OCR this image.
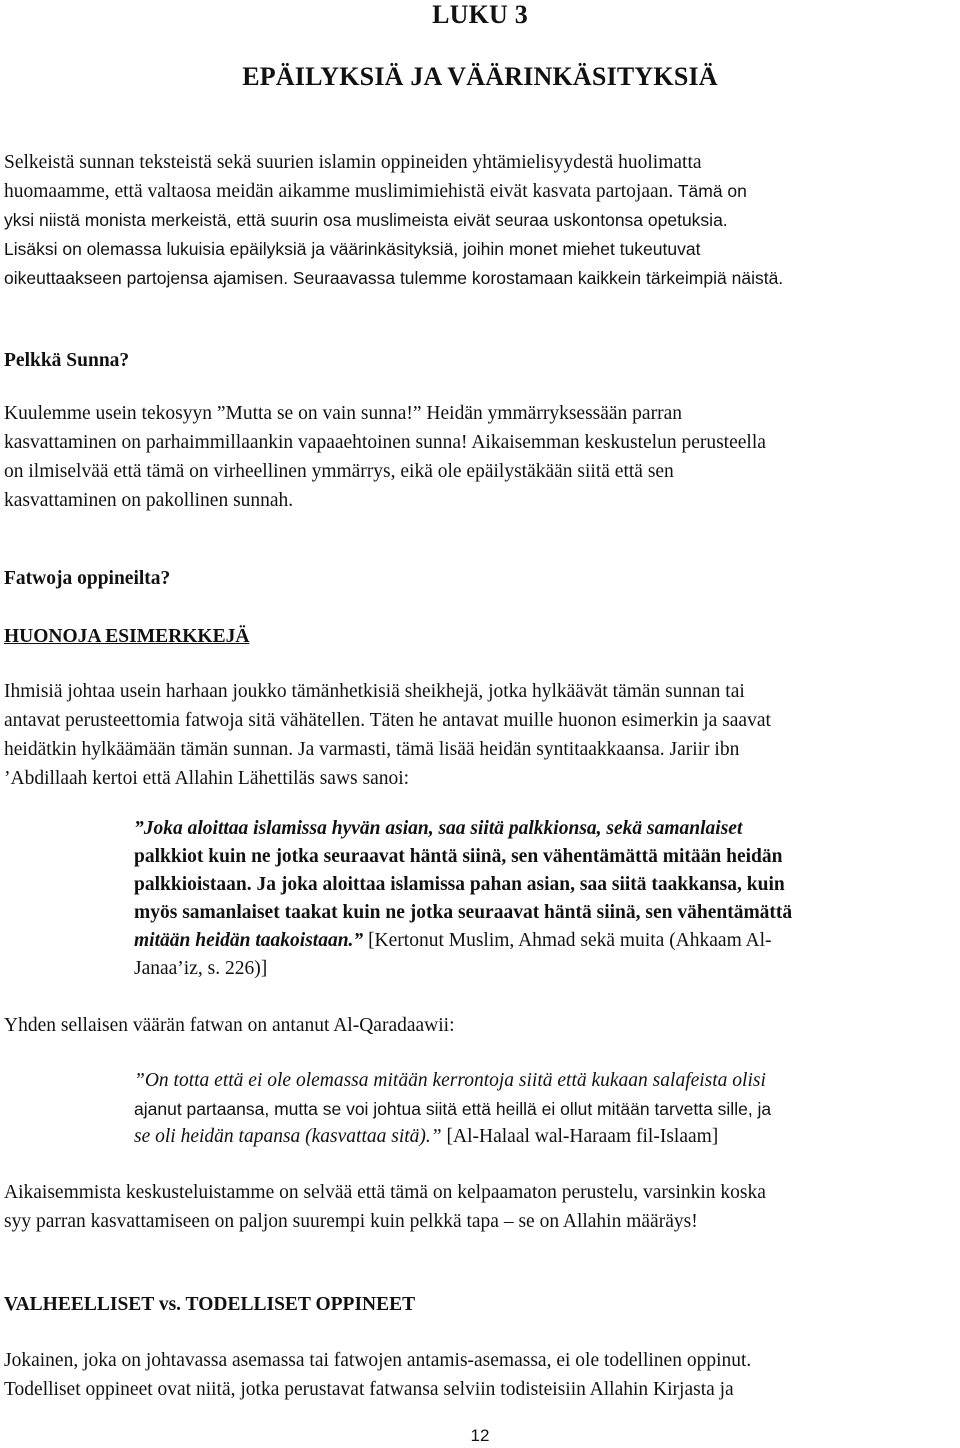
LUKU 3
EPÄILYKSIÄ JA VÄÄRINKÄSITYKSIÄ
Selkeistä sunnan teksteistä sekä suurien islamin oppineiden yhtämielisyydestä huolimatta
huomaamme, että valtaosa meidän aikamme muslimimiehistä eivät kasvata partojaan. Tämä on
yksi niistä monista merkeistä, että suurin osa muslimeista eivät seuraa uskontonsa opetuksia.
Lisäksi on olemassa lukuisia epäilyksiä ja väärinkäsityksiä, joihin monet miehet tukeutuvat
oikeuttaakseen partojensa ajamisen. Seuraavassa tulemme korostamaan kaikkein tärkeimpiä näistä.
Pelkkä Sunna?
Kuulemme usein tekosyyn ”Mutta se on vain sunna!” Heidän ymmärryksessään parran
kasvattaminen on parhaimmillaankin vapaaehtoinen sunna! Aikaisemman keskustelun perusteella
on ilmiselvää että tämä on virheellinen ymmärrys, eikä ole epäilystäkään siitä että sen
kasvattaminen on pakollinen sunnah.
Fatwoja oppineilta?
HUONOJA ESIMERKKEJÄ
Ihmisiä johtaa usein harhaan joukko tämänhetkisiä sheikhejä, jotka hylkäävät tämän sunnan tai
antavat perusteettomia fatwoja sitä vähätellen. Täten he antavat muille huonon esimerkin ja saavat
heidätkin hylkäämään tämän sunnan. Ja varmasti, tämä lisää heidän syntitaakkaansa. Jariir ibn
’Abdillaah kertoi että Allahin Lähettiläs saws sanoi:
”Joka aloittaa islamissa hyvän asian, saa siitä palkkionsa, sekä samanlaiset
palkkiot kuin ne jotka seuraavat häntä siinä, sen vähentämättä mitään heidän
palkkioistaan. Ja joka aloittaa islamissa pahan asian, saa siitä taakkansa, kuin
myös samanlaiset taakat kuin ne jotka seuraavat häntä siinä, sen vähentämättä
mitään heidän taakoistaan.” [Kertonut Muslim, Ahmad sekä muita (Ahkaam Al-
Janaa’iz, s. 226)]
Yhden sellaisen väärän fatwan on antanut Al-Qaradaawii:
”On totta että ei ole olemassa mitään kerrontoja siitä että kukaan salafeista olisi
ajanut partaansa, mutta se voi johtua siitä että heillä ei ollut mitään tarvetta sille, ja
se oli heidän tapansa (kasvattaa sitä).” [Al-Halaal wal-Haraam fil-Islaam]
Aikaisemmista keskusteluistamme on selvää että tämä on kelpaamaton perustelu, varsinkin koska
syy parran kasvattamiseen on paljon suurempi kuin pelkkä tapa – se on Allahin määräys!
VALHEELLISET vs. TODELLISET OPPINEET
Jokainen, joka on johtavassa asemassa tai fatwojen antamis-asemassa, ei ole todellinen oppinut.
Todelliset oppineet ovat niitä, jotka perustavat fatwansa selviin todisteisiin Allahin Kirjasta ja
12
